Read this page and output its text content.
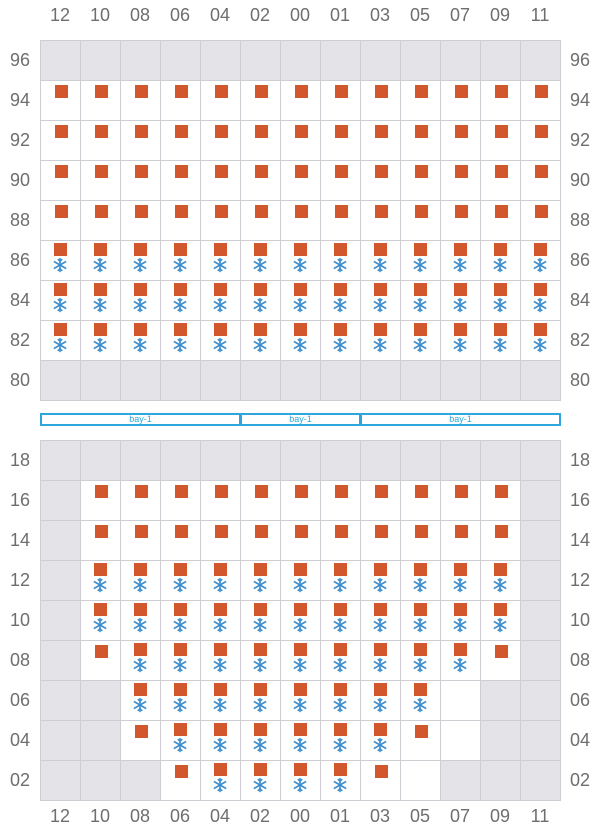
12	10	08	06	04	02	00	01	03	05	07	09	11
96	96
94	94
92	92
90	90
88	88
86	86
84	84
82	82
80	80
bay-1	bay-1	bay-1
18	18
16	16
14	14
12	12
10	10
08	08
06	06
04	04
02	02
12	10	08	06	04	02	00	01	03	05	07	09	11
